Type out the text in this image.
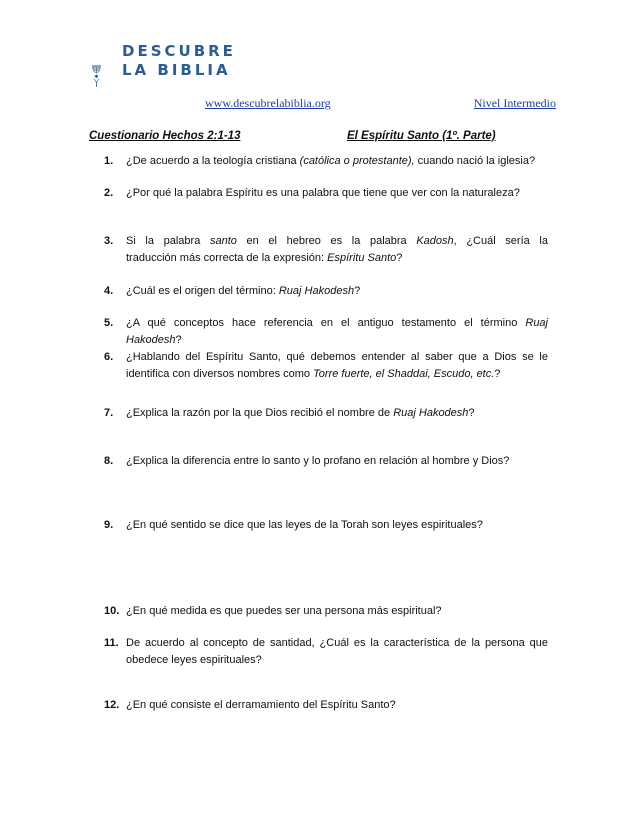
DESCUBRE
LA BIBLIA
www.descubrelabiblia.org	Nivel Intermedio
Cuestionario Hechos 2:1-13	El Espíritu Santo (1º. Parte)
1. ¿De acuerdo a la teología cristiana (católica o protestante), cuando nació la iglesia?
2. ¿Por qué la palabra Espíritu es una palabra que tiene que ver con la naturaleza?
3. Si la palabra santo en el hebreo es la palabra Kadosh, ¿Cuál sería la
traducción más correcta de la expresión: Espíritu Santo?
4. ¿Cuál es el origen del término: Ruaj Hakodesh?
5. ¿A qué conceptos hace referencia en el antiguo testamento el término Ruaj
Hakodesh?
6. ¿Hablando del Espíritu Santo, qué debemos entender al saber que a Dios se le
identifica con diversos nombres como Torre fuerte, el Shaddai, Escudo, etc.?
7. ¿Explica la razón por la que Dios recibió el nombre de Ruaj Hakodesh?
8. ¿Explica la diferencia entre lo santo y lo profano en relación al hombre y Dios?
9. ¿En qué sentido se dice que las leyes de la Torah son leyes espirituales?
10. ¿En qué medida es que puedes ser una persona más espiritual?
11. De acuerdo al concepto de santidad, ¿Cuál es la característica de la persona que
obedece leyes espirituales?
12. ¿En qué consiste el derramamiento del Espíritu Santo?
